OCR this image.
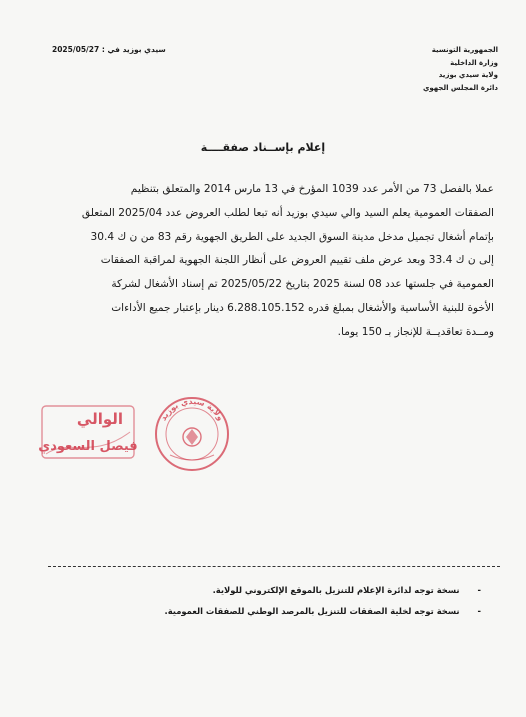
الجمهورية التونسية
وزارة الداخلية
ولاية سيدي بوزيد
دائرة المجلس الجهوي
سيدي بوزيد في : 2025/05/27
إعلام بإســناد صفقــــة

عملا بالفصل 73 من الأمر عدد 1039 المؤرخ في 13 مارس 2014 والمتعلق بتنظيم

الصفقات العمومية يعلم السيد والي سيدي بوزيد أنه تبعا لطلب العروض عدد 2025/04 المتعلق

بإتمام أشغال تجميل مدخل مدينة السوق الجديد على الطريق الجهوية رقم 83 من ن ك 30.4

إلى ن ك 33.4 وبعد عرض ملف تقييم العروض على أنظار اللجنة الجهوية لمراقبة الصفقات

العمومية في جلستها عدد 08 لسنة 2025 بتاريخ 2025/05/22 تم إسناد الأشغال لشركة

الأخوة للبنية الأساسية والأشغال بمبلغ قدره 6.288.105.152 دينار بإعتبار جميع الأداءات

ومــدة تعاقديــة للإنجاز بـ 150 يوما.

الوالي
فيصل السعودي
ولاية سيدي بوزيد
-
نسخة توجه لدائرة الإعلام للتنزيل بالموقع الإلكتروني للولاية.
-
نسخة توجه لخلية الصفقات للتنزيل بالمرصد الوطني للصفقات العمومية.
